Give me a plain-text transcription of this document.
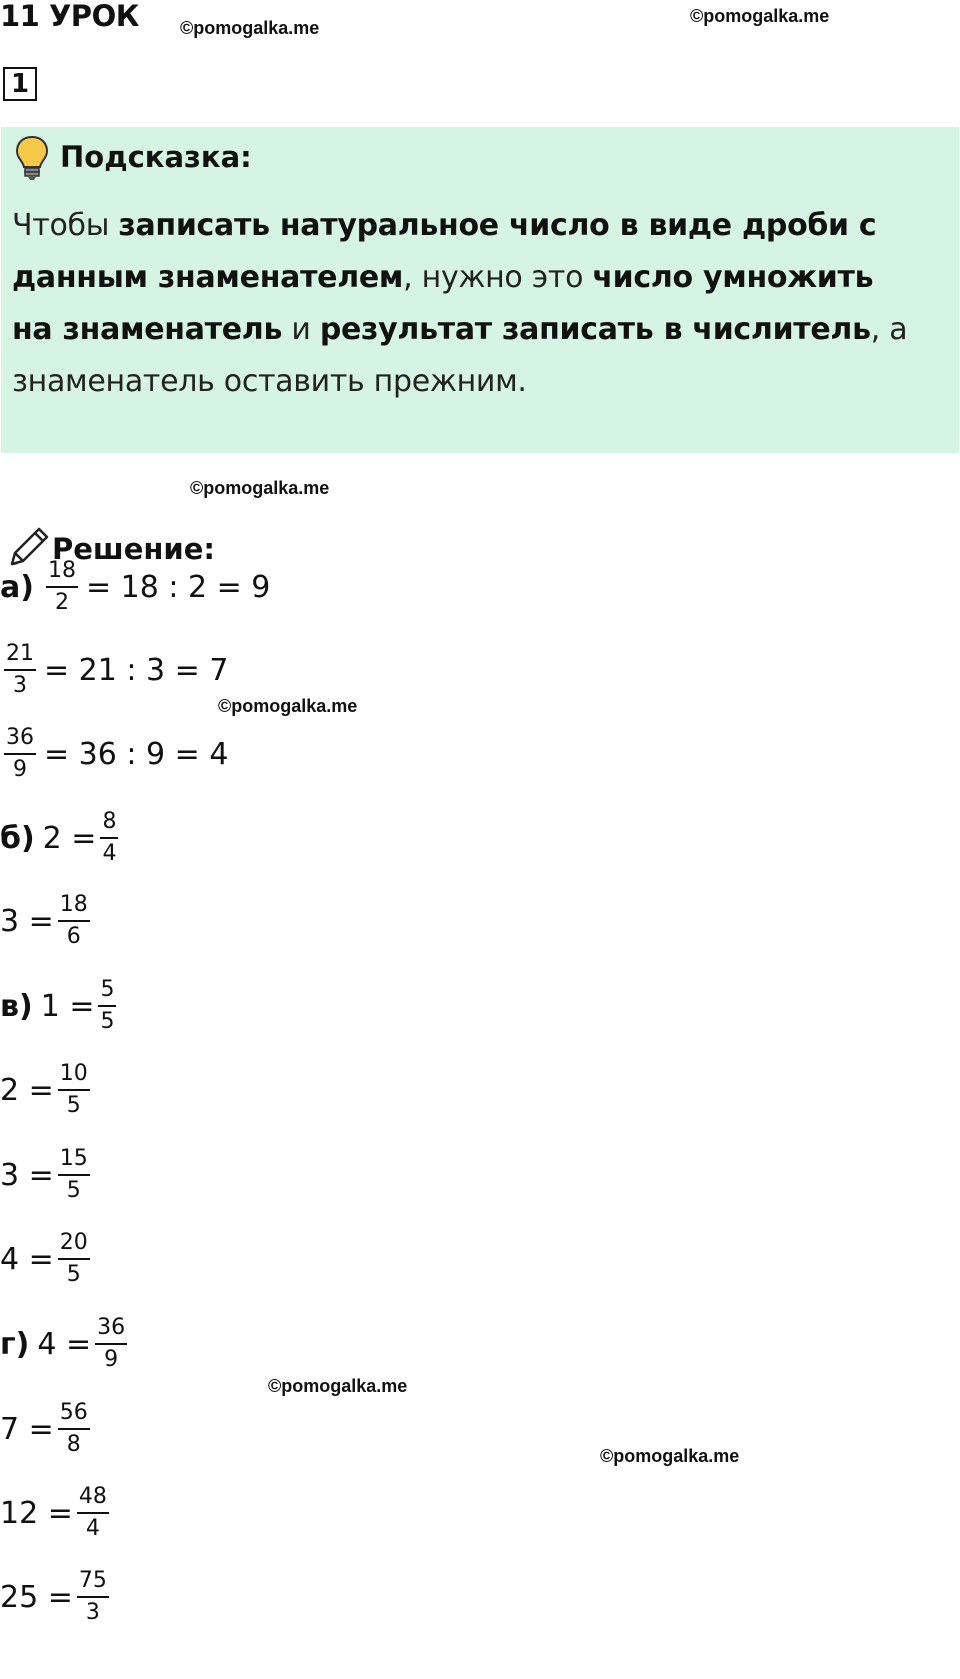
11 УРОК ©pomogalka.me
©pomogalka.me
1
Подсказка:
Чтобы записать натуральное число в виде дроби с данным знаменателем, нужно это число умножить на знаменатель и результат записать в числитель, а знаменатель оставить прежним.
©pomogalka.me
Решение:
©pomogalka.me
©pomogalka.me
©pomogalka.me
$а) \frac{18}{2} = 18$ : 2 = 9
$\frac{21}{3} = 21$ : 3 = 7
$\frac{36}{9} = 36$ : 9 = 4
б) $2 = \frac{8}{4}$
$3 = \frac{18}{6}$
в) $1 = \frac{5}{5}$
$2 = \frac{10}{5}$
$3 = \frac{15}{5}$
$4 = \frac{20}{5}$
г) $4 = \frac{36}{9}$
$7 = \frac{56}{8}$
$12 = \frac{48}{4}$
$25 = \frac{75}{3}$
